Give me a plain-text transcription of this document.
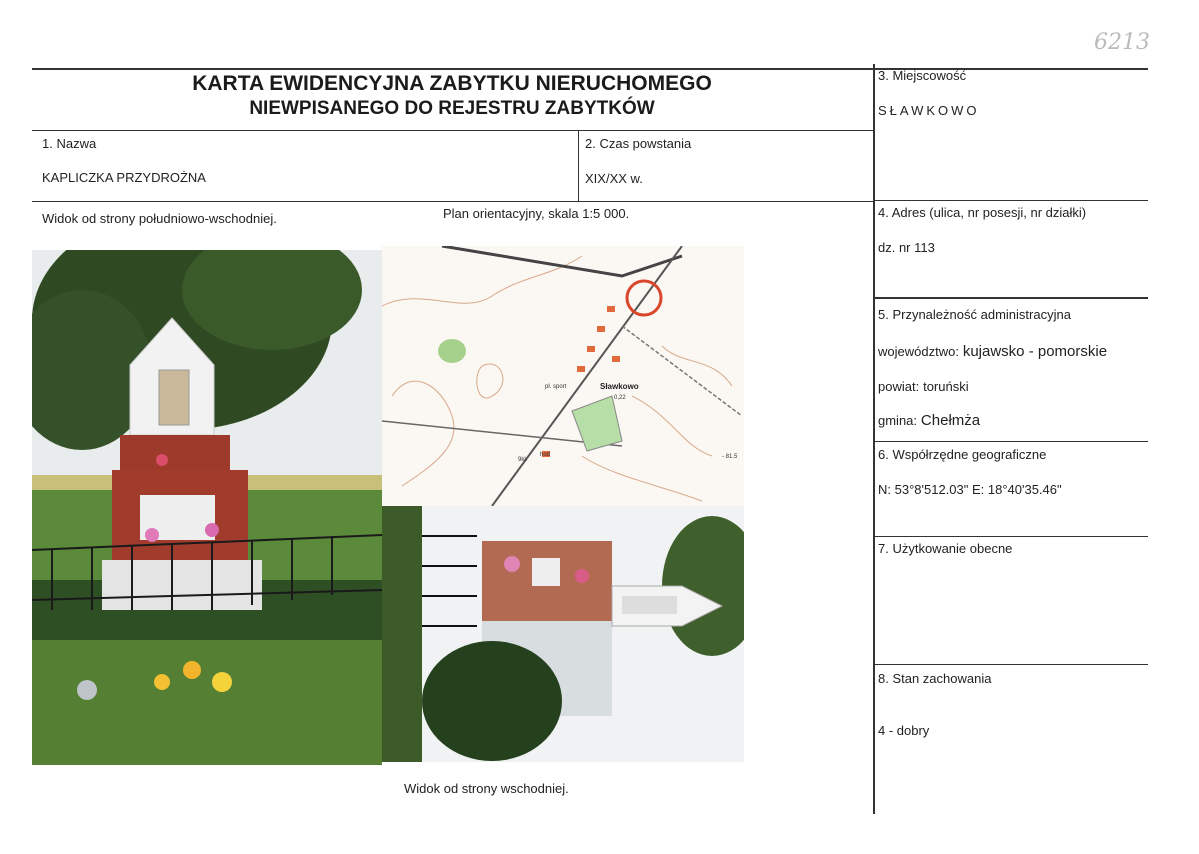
6213
KARTA EWIDENCYJNA ZABYTKU NIERUCHOMEGO
NIEWPISANEGO DO REJESTRU ZABYTKÓW
1. Nazwa
KAPLICZKA PRZYDROŻNA
2. Czas powstania
XIX/XX w.
3. Miejscowość
SŁAWKOWO
4. Adres (ulica, nr posesji, nr działki)
dz. nr 113
5. Przynależność administracyjna
województwo: kujawsko - pomorskie
powiat: toruński
gmina: Chełmża
6. Współrzędne geograficzne
N: 53°8'512.03" E: 18°40'35.46"
7. Użytkowanie obecne
8. Stan zachowania
4 - dobry
Widok od strony południowo-wschodniej.	Plan orientacyjny, skala 1:5 000.
Widok od strony wschodniej.
Sławkowo
0,22
pł. sport
- 81.5
9kl.
hod
